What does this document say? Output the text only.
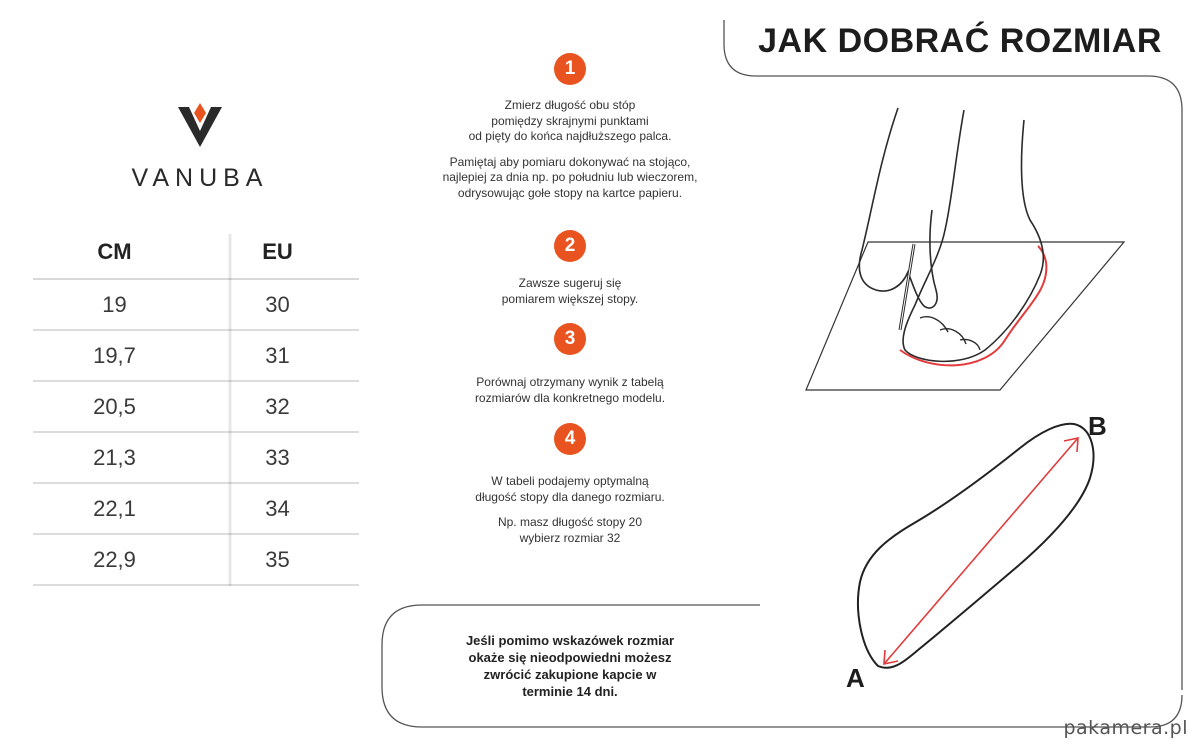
VANUBA
CM	EU
19	30
19,7	31
20,5	32
21,3	33
22,1	34
22,9	35
1
Zmierz długość obu stóp
pomiędzy skrajnymi punktami
od pięty do końca najdłuższego palca.
Pamiętaj aby pomiaru dokonywać na stojąco,
najlepiej za dnia np. po południu lub wieczorem,
odrysowując gołe stopy na kartce papieru.
2
Zawsze sugeruj się
pomiarem większej stopy.
3
Porównaj otrzymany wynik z tabelą
rozmiarów dla konkretnego modelu.
4
W tabeli podajemy optymalną
długość stopy dla danego rozmiaru.
Np. masz długość stopy 20
wybierz rozmiar 32
JAK DOBRAĆ ROZMIAR
A
B
Jeśli pomimo wskazówek rozmiar
okaże się nieodpowiedni możesz
zwrócić zakupione kapcie w
terminie 14 dni.
pakamera.pl
